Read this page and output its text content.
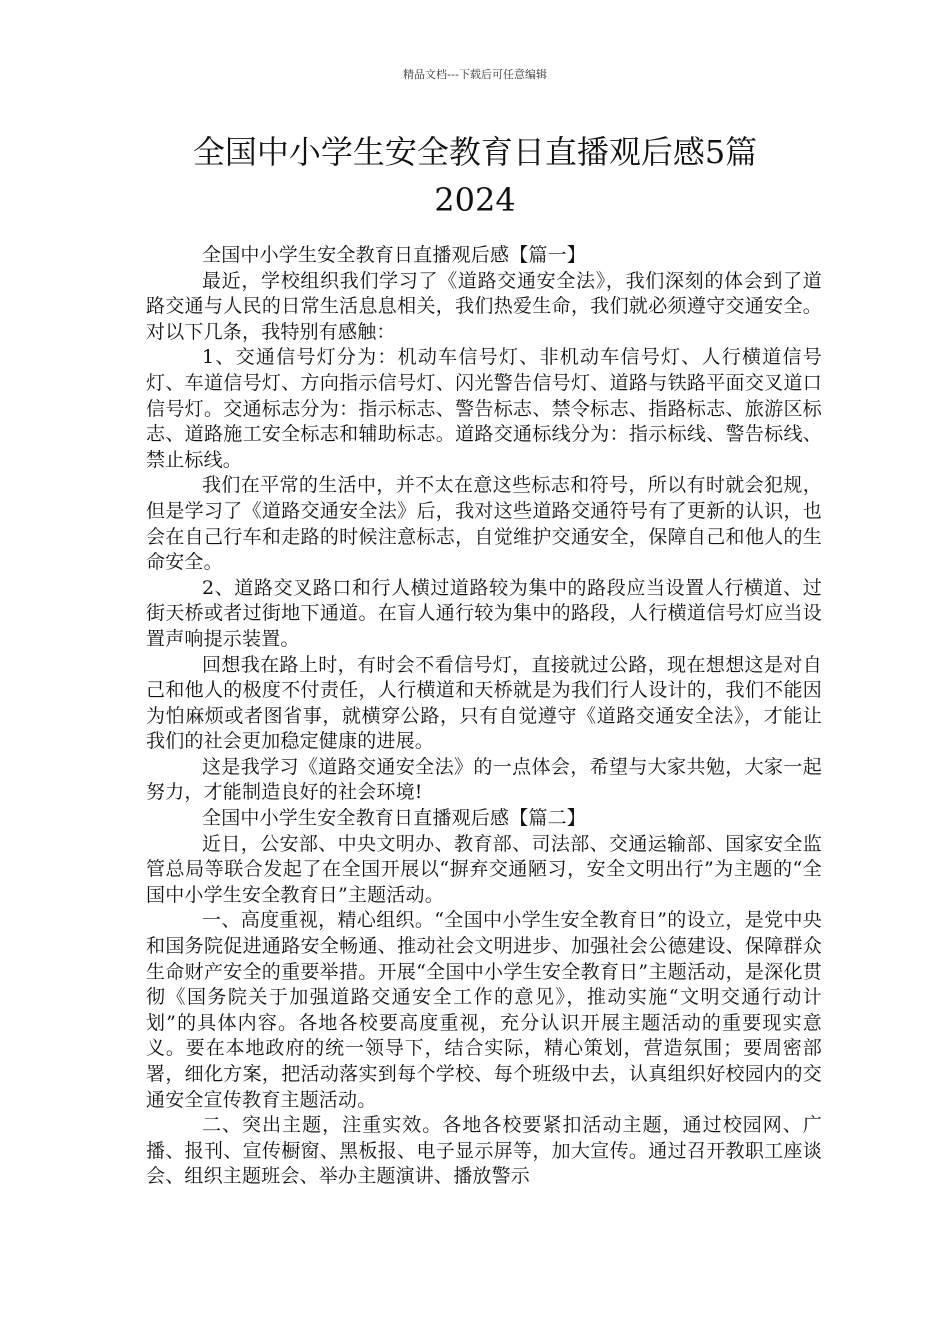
精品文档---下载后可任意编辑
全国中小学生安全教育日直播观后感5篇
2024

全国中小学生安全教育日直播观后感【篇一】

最近，学校组织我们学习了《道路交通安全法》，我们深刻的体会到了道路交通与人民的日常生活息息相关，我们热爱生命，我们就必须遵守交通安全。对以下几条，我特别有感触：

1、交通信号灯分为：机动车信号灯、非机动车信号灯、人行横道信号灯、车道信号灯、方向指示信号灯、闪光警告信号灯、道路与铁路平面交叉道口信号灯。交通标志分为：指示标志、警告标志、禁令标志、指路标志、旅游区标志、道路施工安全标志和辅助标志。道路交通标线分为：指示标线、警告标线、禁止标线。

我们在平常的生活中，并不太在意这些标志和符号，所以有时就会犯规，但是学习了《道路交通安全法》后，我对这些道路交通符号有了更新的认识，也会在自己行车和走路的时候注意标志，自觉维护交通安全，保障自己和他人的生命安全。

2、道路交叉路口和行人横过道路较为集中的路段应当设置人行横道、过街天桥或者过街地下通道。在盲人通行较为集中的路段，人行横道信号灯应当设置声响提示装置。

回想我在路上时，有时会不看信号灯，直接就过公路，现在想想这是对自己和他人的极度不付责任，人行横道和天桥就是为我们行人设计的，我们不能因为怕麻烦或者图省事，就横穿公路，只有自觉遵守《道路交通安全法》，才能让我们的社会更加稳定健康的进展。

这是我学习《道路交通安全法》的一点体会，希望与大家共勉，大家一起努力，才能制造良好的社会环境!

全国中小学生安全教育日直播观后感【篇二】

近日，公安部、中央文明办、教育部、司法部、交通运输部、国家安全监管总局等联合发起了在全国开展以“摒弃交通陋习，安全文明出行”为主题的“全国中小学生安全教育日”主题活动。

一、高度重视，精心组织。“全国中小学生安全教育日”的设立，是党中央和国务院促进通路安全畅通、推动社会文明进步、加强社会公德建设、保障群众生命财产安全的重要举措。开展“全国中小学生安全教育日”主题活动，是深化贯彻《国务院关于加强道路交通安全工作的意见》，推动实施“文明交通行动计划”的具体内容。各地各校要高度重视，充分认识开展主题活动的重要现实意义。要在本地政府的统一领导下，结合实际，精心策划，营造氛围；要周密部署，细化方案，把活动落实到每个学校、每个班级中去，认真组织好校园内的交通安全宣传教育主题活动。

二、突出主题，注重实效。各地各校要紧扣活动主题，通过校园网、广播、报刊、宣传橱窗、黑板报、电子显示屏等，加大宣传。通过召开教职工座谈会、组织主题班会、举办主题演讲、播放警示
